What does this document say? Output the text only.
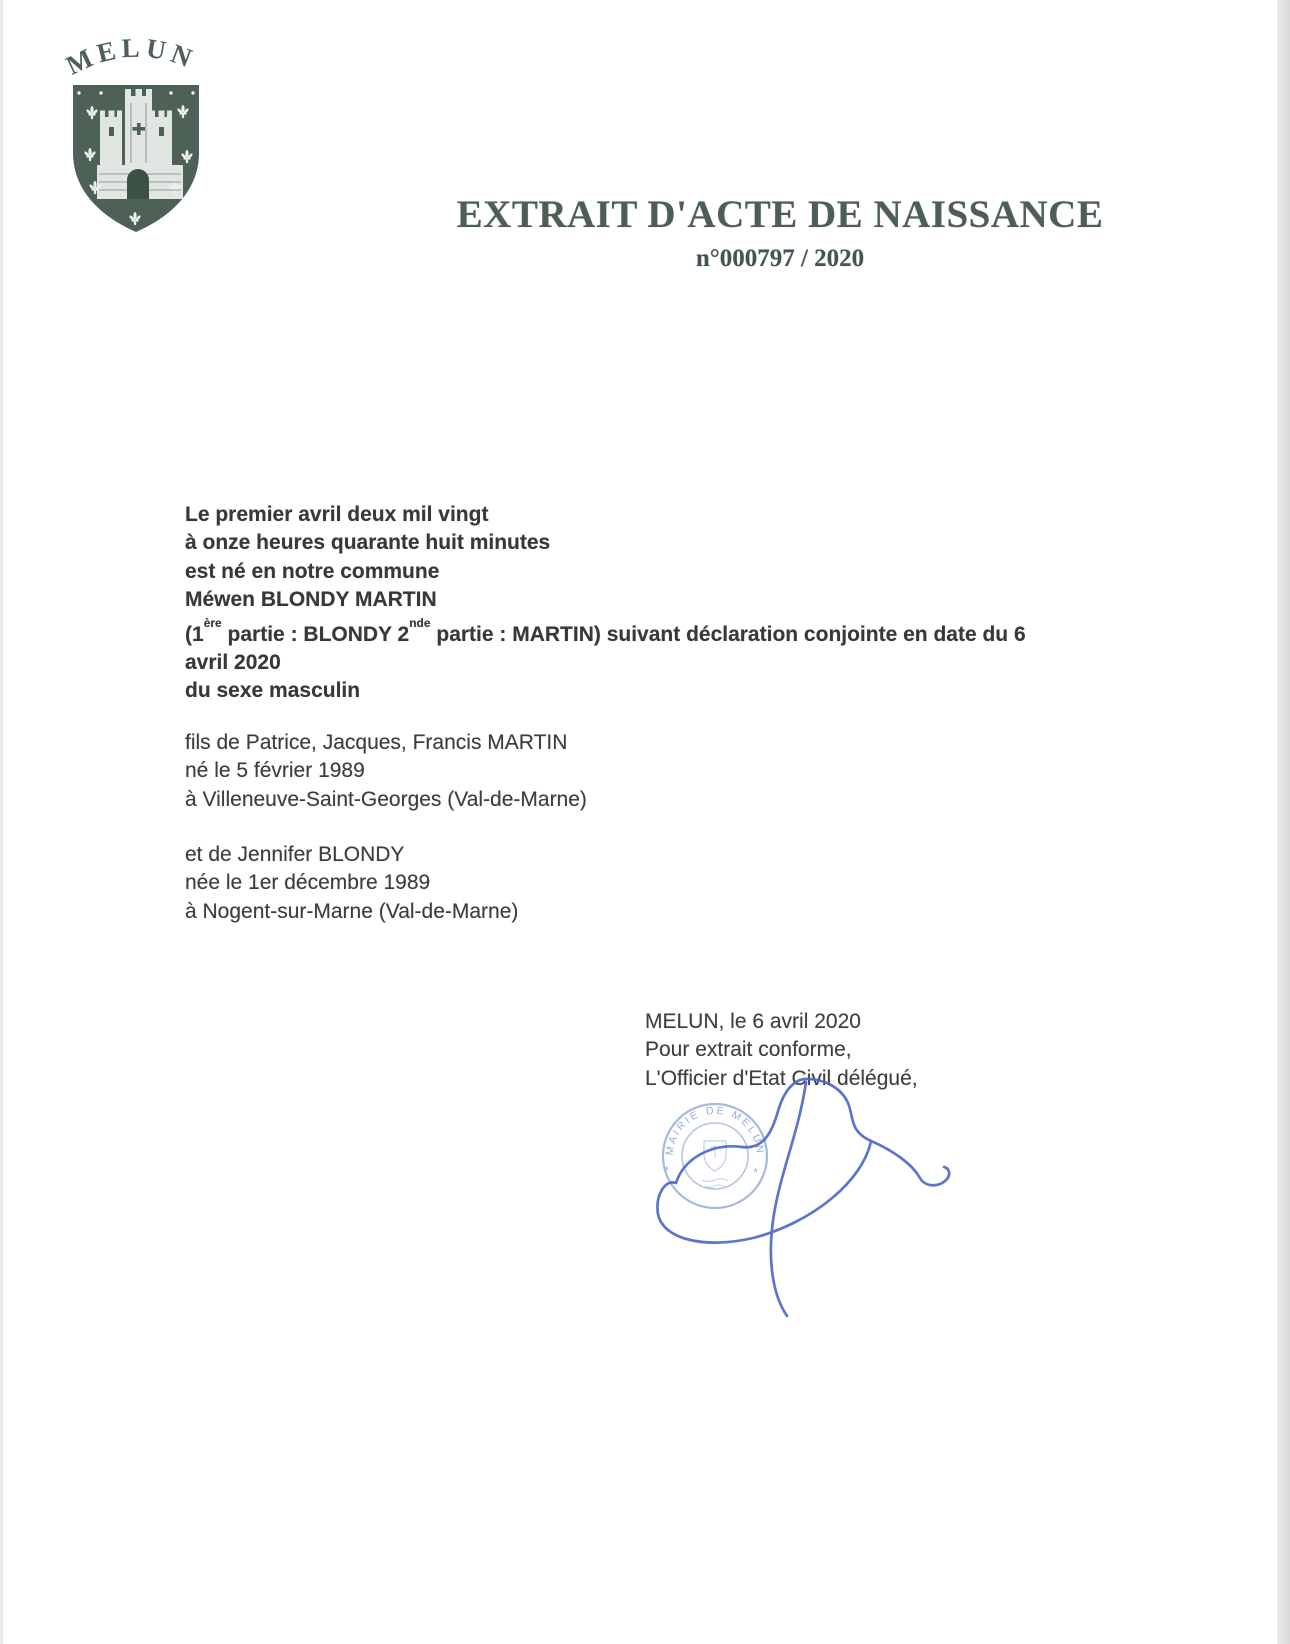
MELUN
EXTRAIT D'ACTE DE NAISSANCE
n°000797 / 2020
Le premier avril deux mil vingt
à onze heures quarante huit minutes
est né en notre commune
Méwen BLONDY MARTIN
(1ère partie : BLONDY 2nde partie : MARTIN) suivant déclaration conjointe en date du 6
avril 2020
du sexe masculin
fils de Patrice, Jacques, Francis MARTIN
né le 5 février 1989
à Villeneuve-Saint-Georges (Val-de-Marne)
et de Jennifer BLONDY
née le 1er décembre 1989
à Nogent-sur-Marne (Val-de-Marne)
MELUN, le 6 avril 2020
Pour extrait conforme,
L'Officier d'Etat Civil délégué,
MAIRIE DE MELUN
*	*
